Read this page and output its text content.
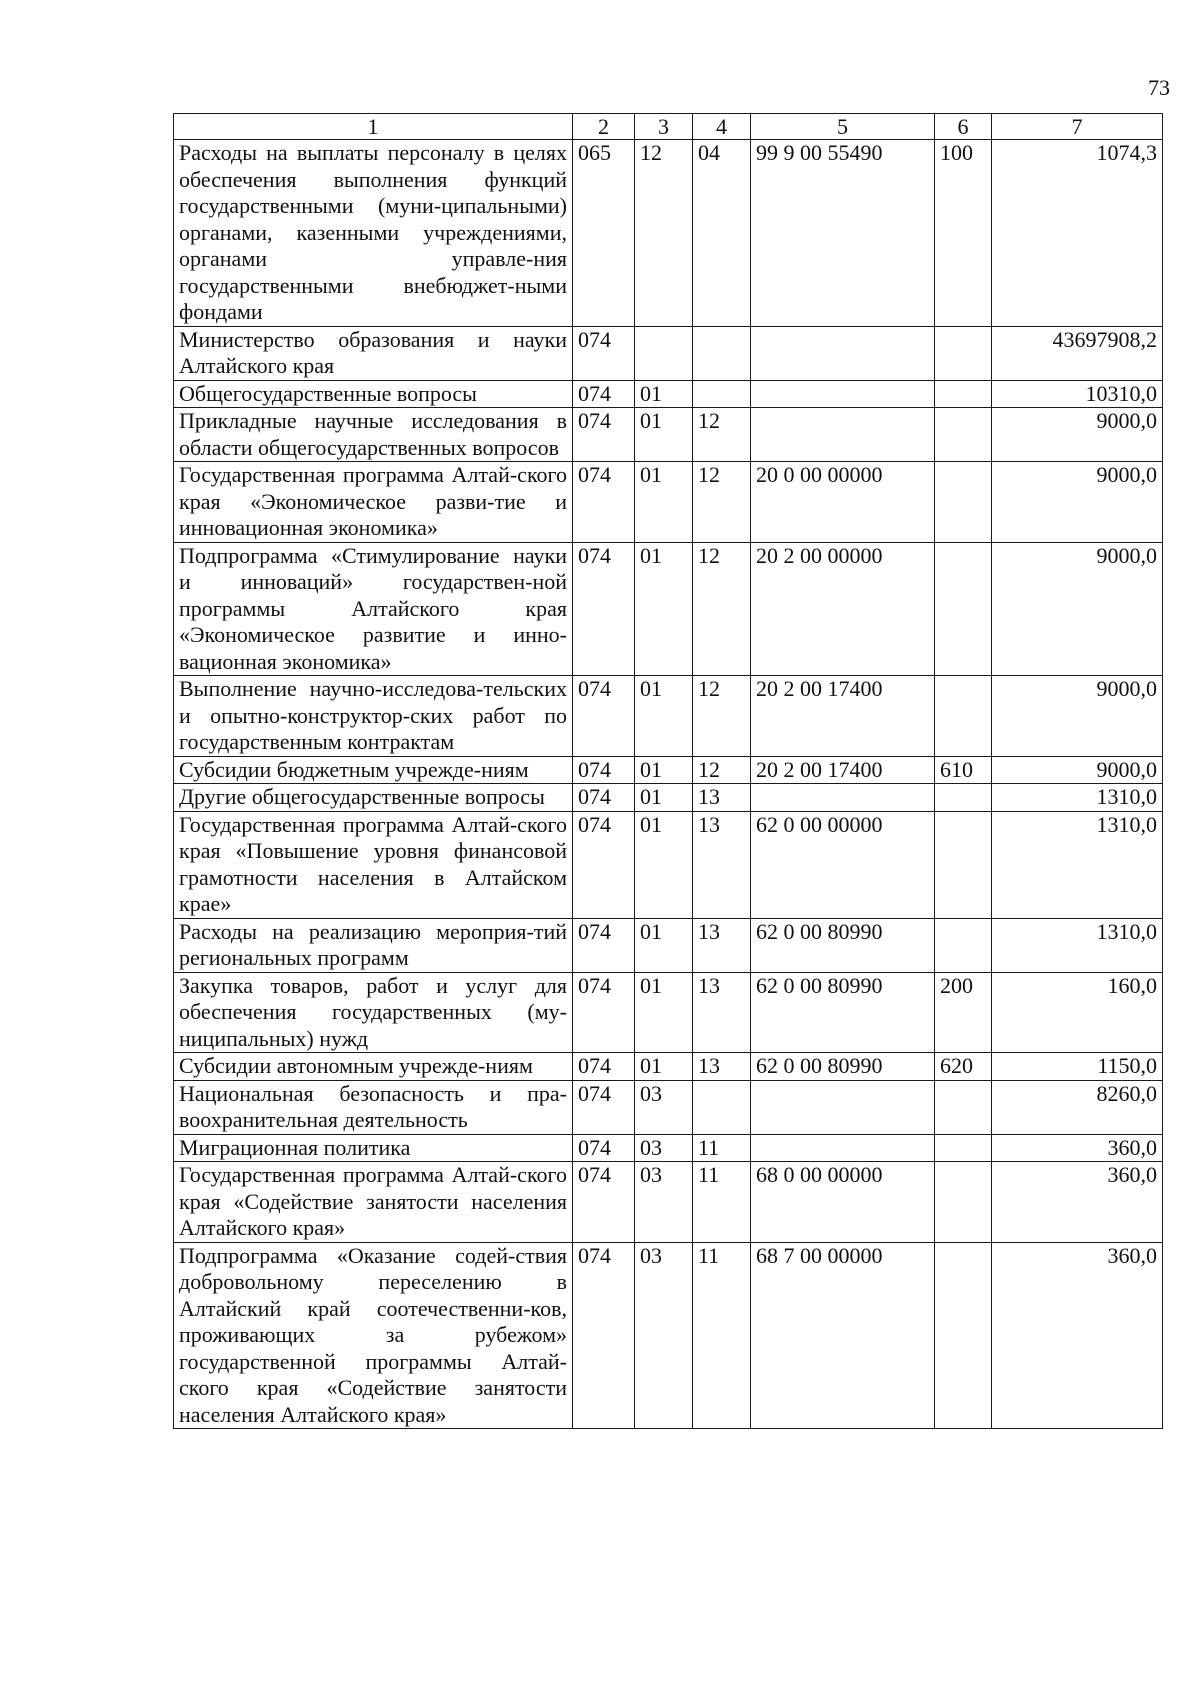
73
1	2	3	4	5	6	7
Расходы на выплаты персоналу в целях обеспечения выполнения функций государственными (муни-ципальными) органами, казенными учреждениями, органами управле-ния государственными внебюджет-ными фондами	065	12	04	99 9 00 55490	100	1074,3
Министерство образования и науки Алтайского края	074					43697908,2
Общегосударственные вопросы	074	01				10310,0
Прикладные научные исследования в области общегосударственных вопросов	074	01	12			9000,0
Государственная программа Алтай-ского края «Экономическое разви-тие и инновационная экономика»	074	01	12	20 0 00 00000		9000,0
Подпрограмма «Стимулирование науки и инноваций» государствен-ной программы Алтайского края «Экономическое развитие и инно-вационная экономика»	074	01	12	20 2 00 00000		9000,0
Выполнение научно-исследова-тельских и опытно-конструктор-ских работ по государственным контрактам	074	01	12	20 2 00 17400		9000,0
Субсидии бюджетным учрежде-ниям	074	01	12	20 2 00 17400	610	9000,0
Другие общегосударственные вопросы	074	01	13			1310,0
Государственная программа Алтай-ского края «Повышение уровня финансовой грамотности населения в Алтайском крае»	074	01	13	62 0 00 00000		1310,0
Расходы на реализацию мероприя-тий региональных программ	074	01	13	62 0 00 80990		1310,0
Закупка товаров, работ и услуг для обеспечения государственных (му-ниципальных) нужд	074	01	13	62 0 00 80990	200	160,0
Субсидии автономным учрежде-ниям	074	01	13	62 0 00 80990	620	1150,0
Национальная безопасность и пра-воохранительная деятельность	074	03				8260,0
Миграционная политика	074	03	11			360,0
Государственная программа Алтай-ского края «Содействие занятости населения Алтайского края»	074	03	11	68 0 00 00000		360,0
Подпрограмма «Оказание содей-ствия добровольному переселению в Алтайский край соотечественни-ков, проживающих за рубежом» государственной программы Алтай-ского края «Содействие занятости населения Алтайского края»	074	03	11	68 7 00 00000		360,0
